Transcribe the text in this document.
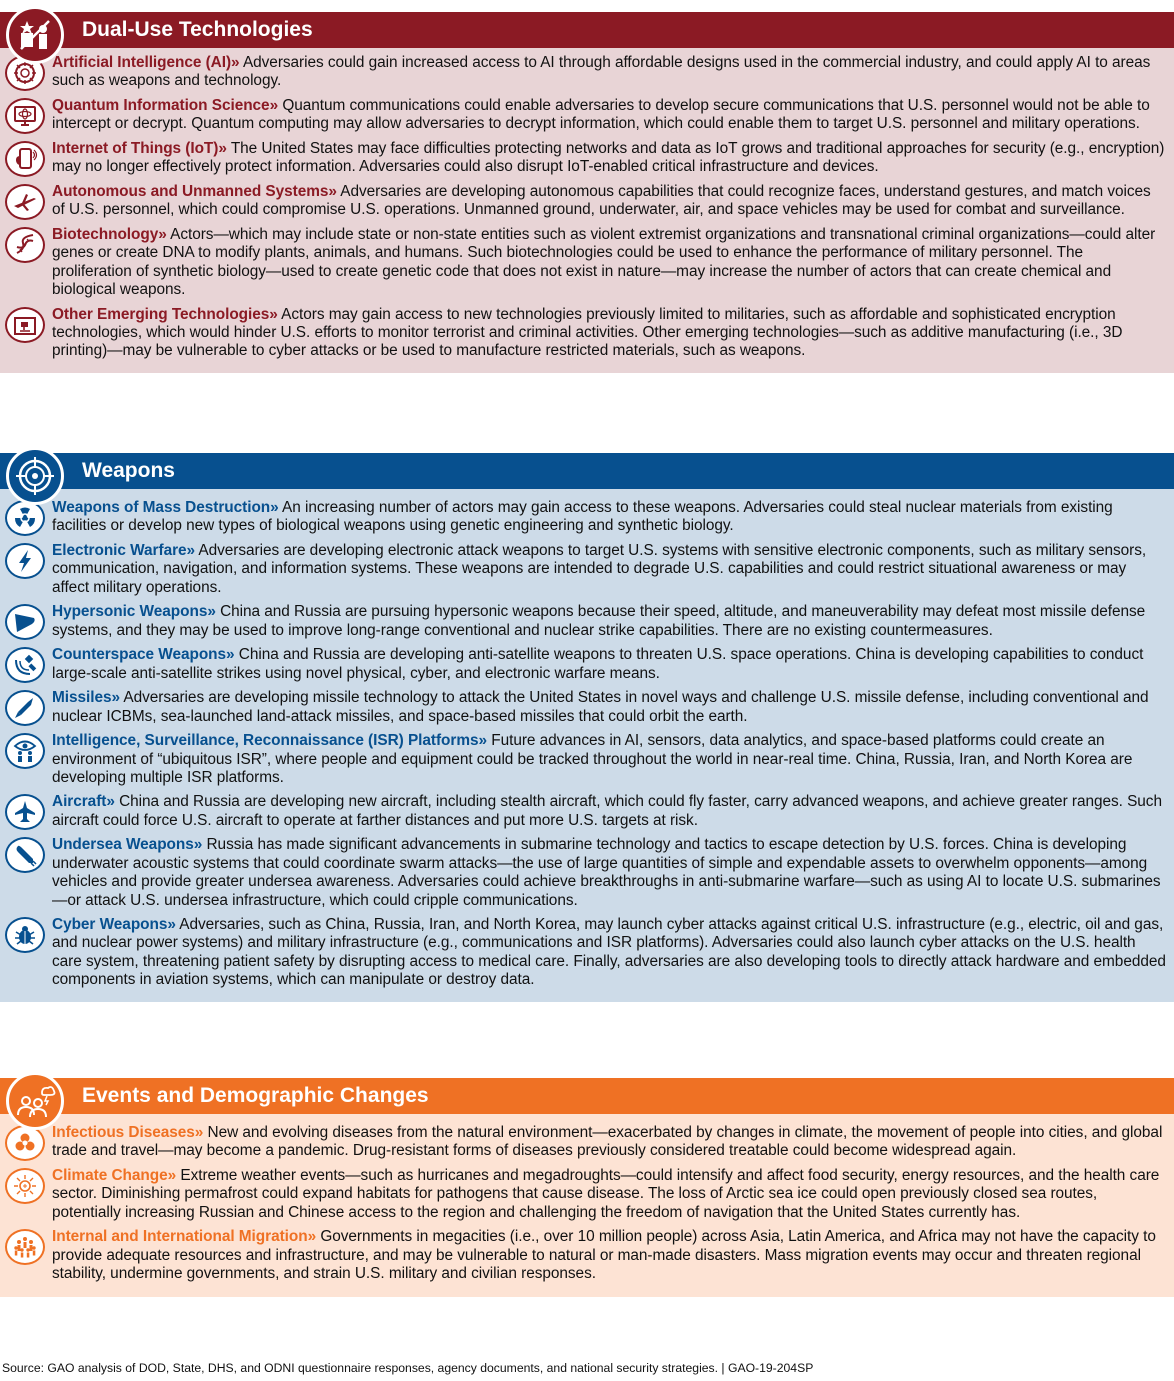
Dual-Use Technologies

Artificial Intelligence (AI)» Adversaries could gain increased access to AI through affordable designs used in the commercial industry, and could apply AI to areas such as weapons and technology.

Quantum Information Science» Quantum communications could enable adversaries to develop secure communications that U.S. personnel would not be able to intercept or decrypt. Quantum computing may allow adversaries to decrypt information, which could enable them to target U.S. personnel and military operations.

Internet of Things (IoT)» The United States may face difficulties protecting networks and data as IoT grows and traditional approaches for security (e.g., encryption) may no longer effectively protect information. Adversaries could also disrupt IoT-enabled critical infrastructure and devices.

Autonomous and Unmanned Systems» Adversaries are developing autonomous capabilities that could recognize faces, understand gestures, and match voices of U.S. personnel, which could compromise U.S. operations. Unmanned ground, underwater, air, and space vehicles may be used for combat and surveillance.

Biotechnology» Actors—which may include state or non-state entities such as violent extremist organizations and transnational criminal organizations—could alter genes or create DNA to modify plants, animals, and humans. Such biotechnologies could be used to enhance the performance of military personnel. The proliferation of synthetic biology—used to create genetic code that does not exist in nature—may increase the number of actors that can create chemical and biological weapons.

Other Emerging Technologies» Actors may gain access to new technologies previously limited to militaries, such as affordable and sophisticated encryption technologies, which would hinder U.S. efforts to monitor terrorist and criminal activities. Other emerging technologies—such as additive manufacturing (i.e., 3D printing)—may be vulnerable to cyber attacks or be used to manufacture restricted materials, such as weapons.

Weapons

Weapons of Mass Destruction» An increasing number of actors may gain access to these weapons. Adversaries could steal nuclear materials from existing facilities or develop new types of biological weapons using genetic engineering and synthetic biology.

Electronic Warfare» Adversaries are developing electronic attack weapons to target U.S. systems with sensitive electronic components, such as military sensors, communication, navigation, and information systems. These weapons are intended to degrade U.S. capabilities and could restrict situational awareness or may affect military operations.

Hypersonic Weapons» China and Russia are pursuing hypersonic weapons because their speed, altitude, and maneuverability may defeat most missile defense systems, and they may be used to improve long-range conventional and nuclear strike capabilities. There are no existing countermeasures.

Counterspace Weapons» China and Russia are developing anti-satellite weapons to threaten U.S. space operations. China is developing capabilities to conduct large-scale anti-satellite strikes using novel physical, cyber, and electronic warfare means.

Missiles» Adversaries are developing missile technology to attack the United States in novel ways and challenge U.S. missile defense, including conventional and nuclear ICBMs, sea-launched land-attack missiles, and space-based missiles that could orbit the earth.

Intelligence, Surveillance, Reconnaissance (ISR) Platforms» Future advances in AI, sensors, data analytics, and space-based platforms could create an environment of “ubiquitous ISR”, where people and equipment could be tracked throughout the world in near-real time. China, Russia, Iran, and North Korea are developing multiple ISR platforms.

Aircraft» China and Russia are developing new aircraft, including stealth aircraft, which could fly faster, carry advanced weapons, and achieve greater ranges. Such aircraft could force U.S. aircraft to operate at farther distances and put more U.S. targets at risk.

Undersea Weapons» Russia has made significant advancements in submarine technology and tactics to escape detection by U.S. forces. China is developing underwater acoustic systems that could coordinate swarm attacks—the use of large quantities of simple and expendable assets to overwhelm opponents—among vehicles and provide greater undersea awareness. Adversaries could achieve breakthroughs in anti-submarine warfare—such as using AI to locate U.S. submarines—or attack U.S. undersea infrastructure, which could cripple communications.

Cyber Weapons» Adversaries, such as China, Russia, Iran, and North Korea, may launch cyber attacks against critical U.S. infrastructure (e.g., electric, oil and gas, and nuclear power systems) and military infrastructure (e.g., communications and ISR platforms). Adversaries could also launch cyber attacks on the U.S. health care system, threatening patient safety by disrupting access to medical care. Finally, adversaries are also developing tools to directly attack hardware and embedded components in aviation systems, which can manipulate or destroy data.

Events and Demographic Changes

Infectious Diseases» New and evolving diseases from the natural environment—exacerbated by changes in climate, the movement of people into cities, and global trade and travel—may become a pandemic. Drug-resistant forms of diseases previously considered treatable could become widespread again.

Climate Change» Extreme weather events—such as hurricanes and megadroughts—could intensify and affect food security, energy resources, and the health care sector. Diminishing permafrost could expand habitats for pathogens that cause disease. The loss of Arctic sea ice could open previously closed sea routes, potentially increasing Russian and Chinese access to the region and challenging the freedom of navigation that the United States currently has.

Internal and International Migration» Governments in megacities (i.e., over 10 million people) across Asia, Latin America, and Africa may not have the capacity to provide adequate resources and infrastructure, and may be vulnerable to natural or man-made disasters. Mass migration events may occur and threaten regional stability, undermine governments, and strain U.S. military and civilian responses.

Source: GAO analysis of DOD, State, DHS, and ODNI questionnaire responses, agency documents, and national security strategies. | GAO-19-204SP
